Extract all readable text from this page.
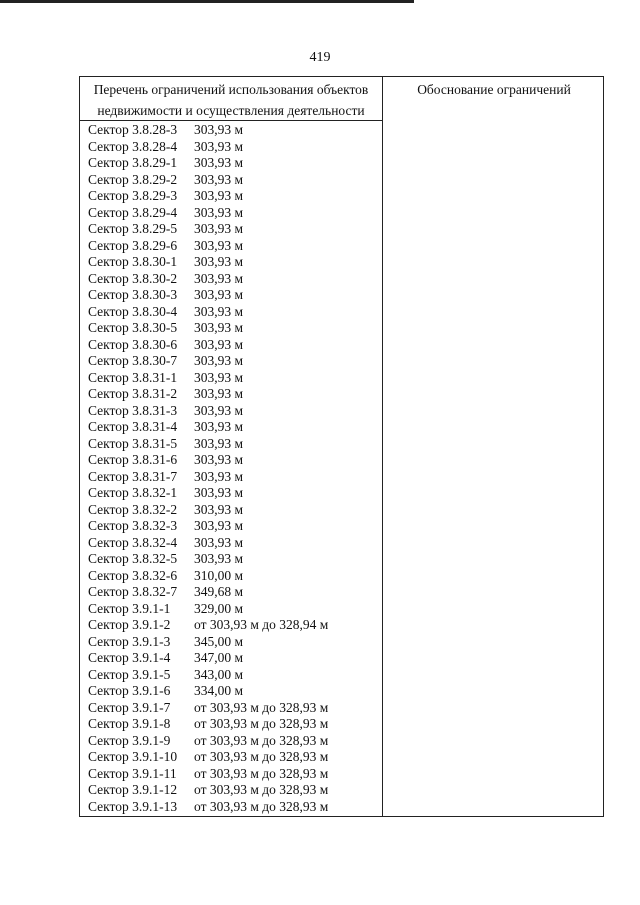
419
Перечень ограничений использования объектов
недвижимости и осуществления деятельности
Обоснование ограничений
Сектор 3.8.28-3 303,93 м
Сектор 3.8.28-4 303,93 м
Сектор 3.8.29-1 303,93 м
Сектор 3.8.29-2 303,93 м
Сектор 3.8.29-3 303,93 м
Сектор 3.8.29-4 303,93 м
Сектор 3.8.29-5 303,93 м
Сектор 3.8.29-6 303,93 м
Сектор 3.8.30-1 303,93 м
Сектор 3.8.30-2 303,93 м
Сектор 3.8.30-3 303,93 м
Сектор 3.8.30-4 303,93 м
Сектор 3.8.30-5 303,93 м
Сектор 3.8.30-6 303,93 м
Сектор 3.8.30-7 303,93 м
Сектор 3.8.31-1 303,93 м
Сектор 3.8.31-2 303,93 м
Сектор 3.8.31-3 303,93 м
Сектор 3.8.31-4 303,93 м
Сектор 3.8.31-5 303,93 м
Сектор 3.8.31-6 303,93 м
Сектор 3.8.31-7 303,93 м
Сектор 3.8.32-1 303,93 м
Сектор 3.8.32-2 303,93 м
Сектор 3.8.32-3 303,93 м
Сектор 3.8.32-4 303,93 м
Сектор 3.8.32-5 303,93 м
Сектор 3.8.32-6 310,00 м
Сектор 3.8.32-7 349,68 м
Сектор 3.9.1-1 329,00 м
Сектор 3.9.1-2 от 303,93 м до 328,94 м
Сектор 3.9.1-3 345,00 м
Сектор 3.9.1-4 347,00 м
Сектор 3.9.1-5 343,00 м
Сектор 3.9.1-6 334,00 м
Сектор 3.9.1-7 от 303,93 м до 328,93 м
Сектор 3.9.1-8 от 303,93 м до 328,93 м
Сектор 3.9.1-9 от 303,93 м до 328,93 м
Сектор 3.9.1-10 от 303,93 м до 328,93 м
Сектор 3.9.1-11 от 303,93 м до 328,93 м
Сектор 3.9.1-12 от 303,93 м до 328,93 м
Сектор 3.9.1-13 от 303,93 м до 328,93 м
